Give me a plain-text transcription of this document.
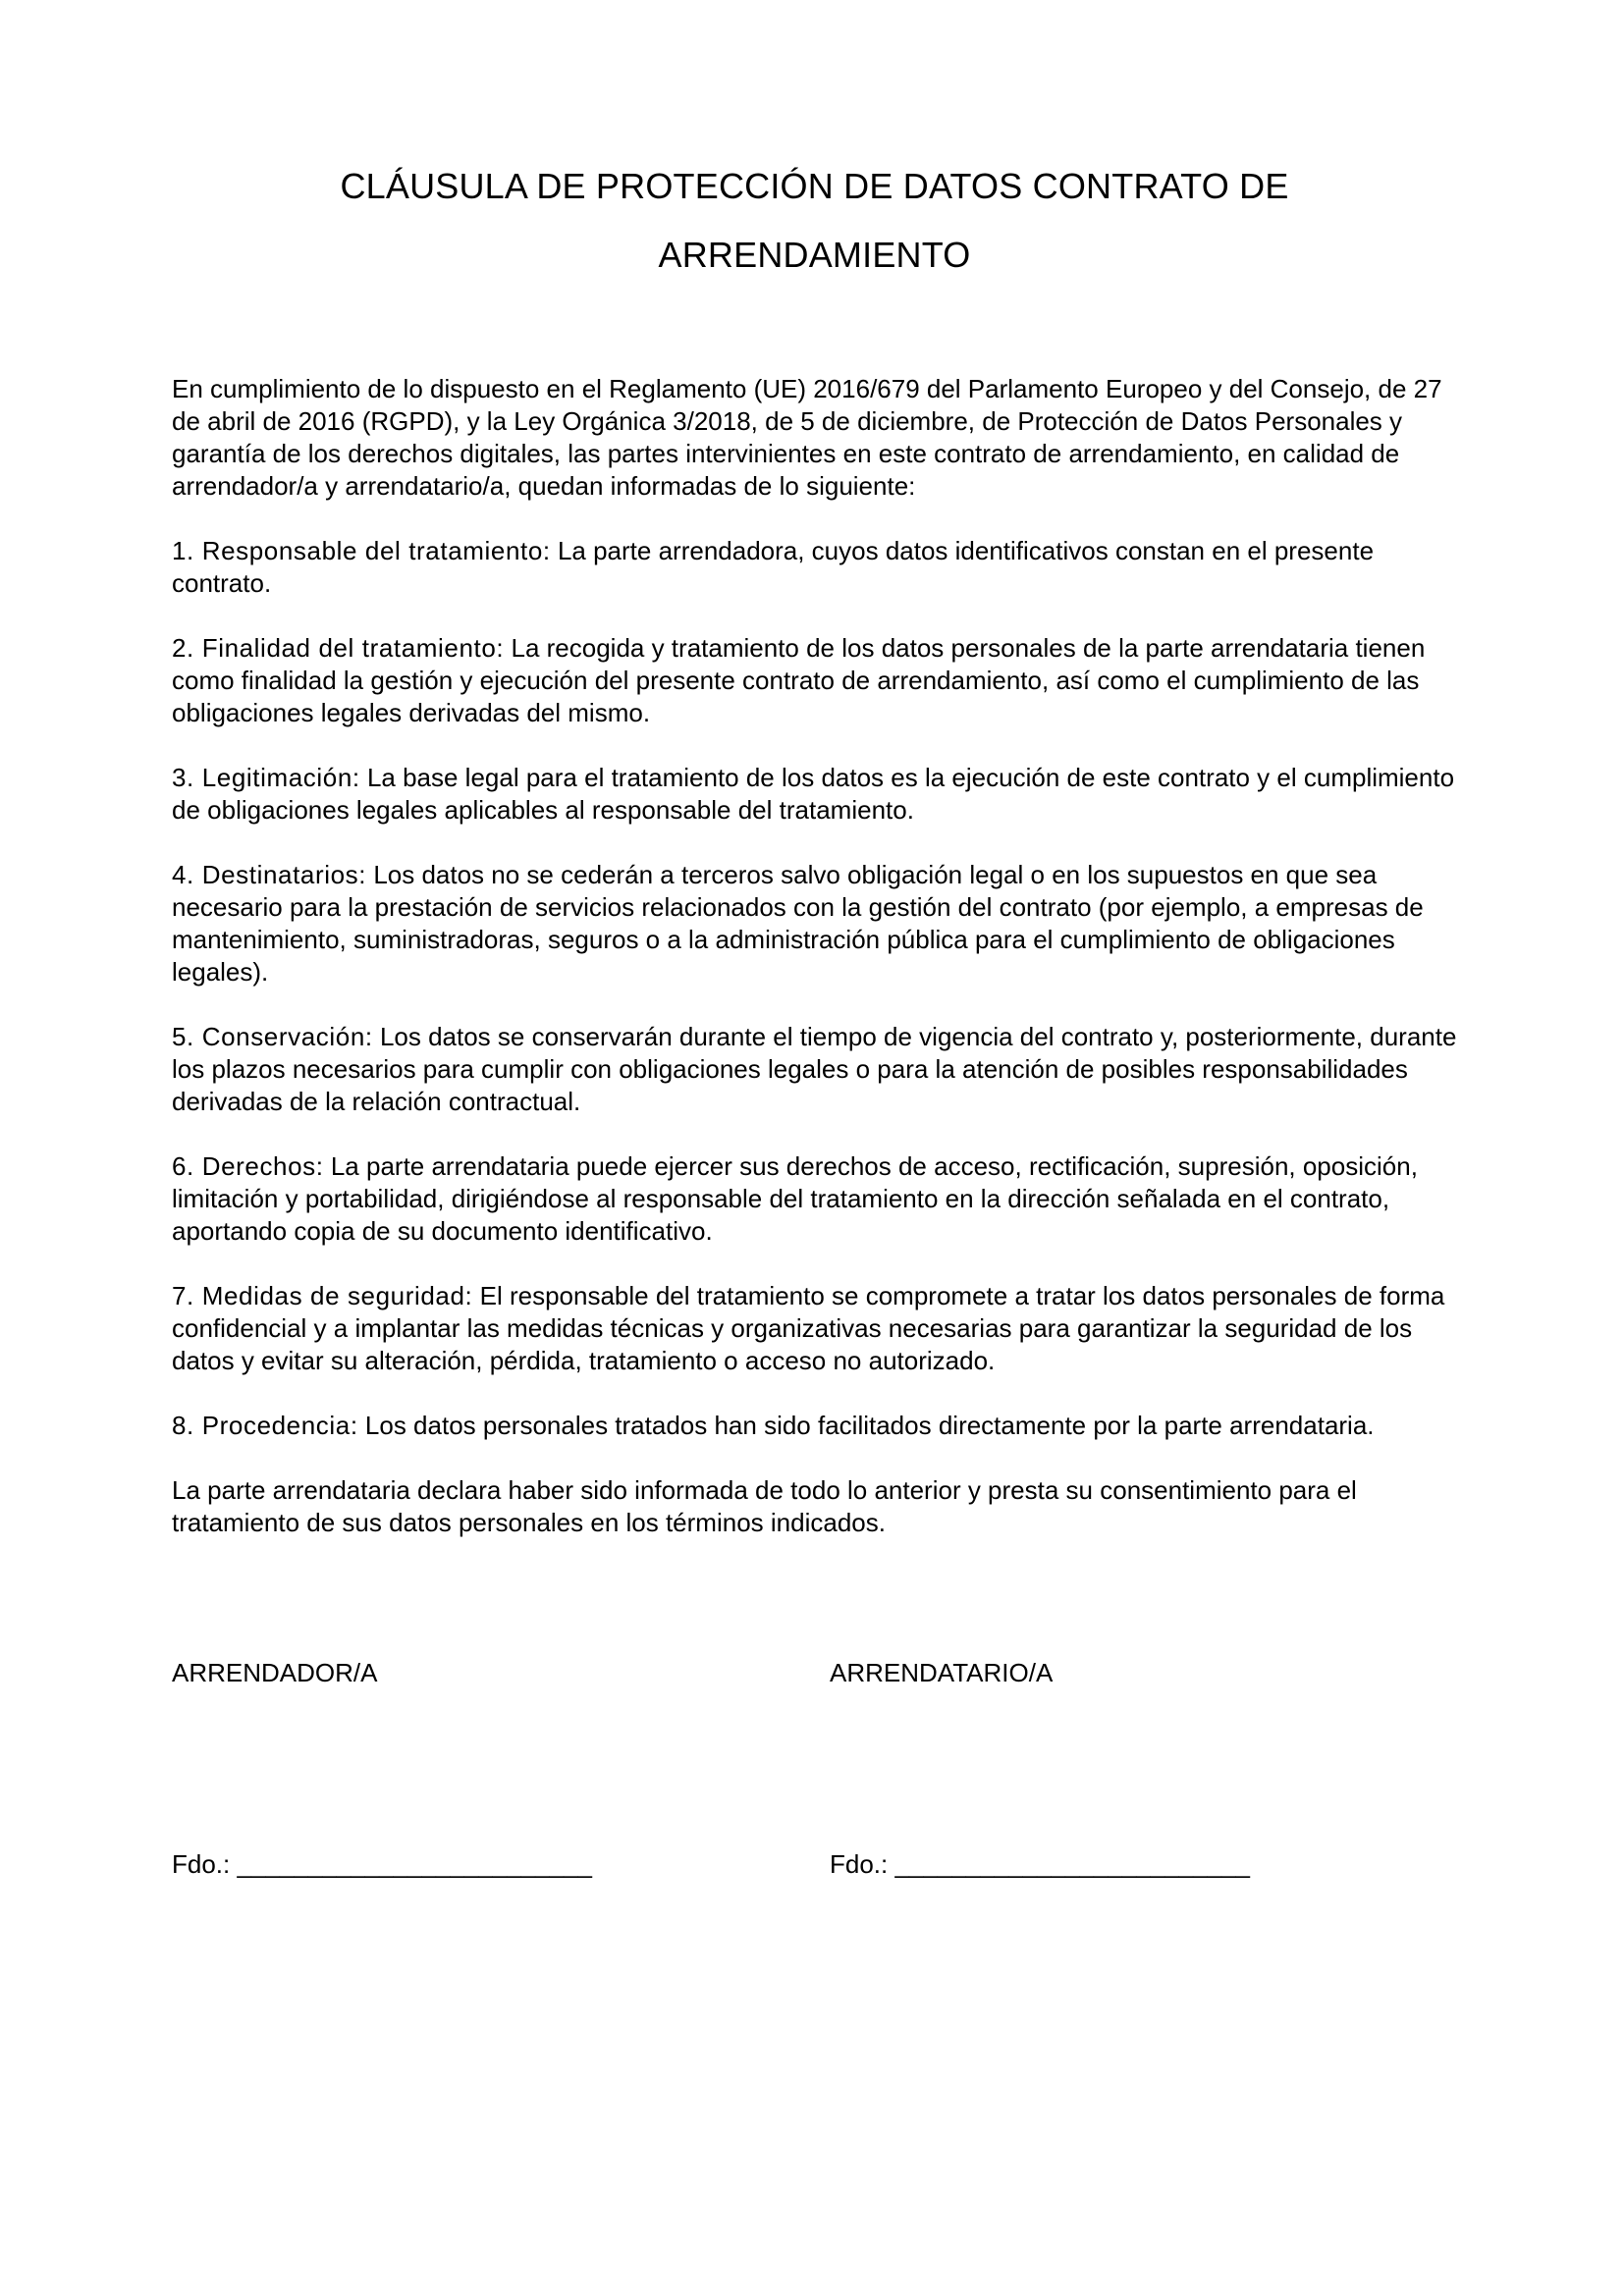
CLÁUSULA DE PROTECCIÓN DE DATOS CONTRATO DE ARRENDAMIENTO

En cumplimiento de lo dispuesto en el Reglamento (UE) 2016/679 del Parlamento Europeo y del Consejo, de 27 de abril de 2016 (RGPD), y la Ley Orgánica 3/2018, de 5 de diciembre, de Protección de Datos Personales y garantía de los derechos digitales, las partes intervinientes en este contrato de arrendamiento, en calidad de arrendador/a y arrendatario/a, quedan informadas de lo siguiente:

1. Responsable del tratamiento: La parte arrendadora, cuyos datos identificativos constan en el presente contrato.

2. Finalidad del tratamiento: La recogida y tratamiento de los datos personales de la parte arrendataria tienen como finalidad la gestión y ejecución del presente contrato de arrendamiento, así como el cumplimiento de las obligaciones legales derivadas del mismo.

3. Legitimación: La base legal para el tratamiento de los datos es la ejecución de este contrato y el cumplimiento de obligaciones legales aplicables al responsable del tratamiento.

4. Destinatarios: Los datos no se cederán a terceros salvo obligación legal o en los supuestos en que sea necesario para la prestación de servicios relacionados con la gestión del contrato (por ejemplo, a empresas de mantenimiento, suministradoras, seguros o a la administración pública para el cumplimiento de obligaciones legales).

5. Conservación: Los datos se conservarán durante el tiempo de vigencia del contrato y, posteriormente, durante los plazos necesarios para cumplir con obligaciones legales o para la atención de posibles responsabilidades derivadas de la relación contractual.

6. Derechos: La parte arrendataria puede ejercer sus derechos de acceso, rectificación, supresión, oposición, limitación y portabilidad, dirigiéndose al responsable del tratamiento en la dirección señalada en el contrato, aportando copia de su documento identificativo.

7. Medidas de seguridad: El responsable del tratamiento se compromete a tratar los datos personales de forma confidencial y a implantar las medidas técnicas y organizativas necesarias para garantizar la seguridad de los datos y evitar su alteración, pérdida, tratamiento o acceso no autorizado.

8. Procedencia: Los datos personales tratados han sido facilitados directamente por la parte arrendataria.

La parte arrendataria declara haber sido informada de todo lo anterior y presta su consentimiento para el tratamiento de sus datos personales en los términos indicados.

ARRENDADOR/A	ARRENDATARIO/A
Fdo.: _________________________	Fdo.: _________________________
